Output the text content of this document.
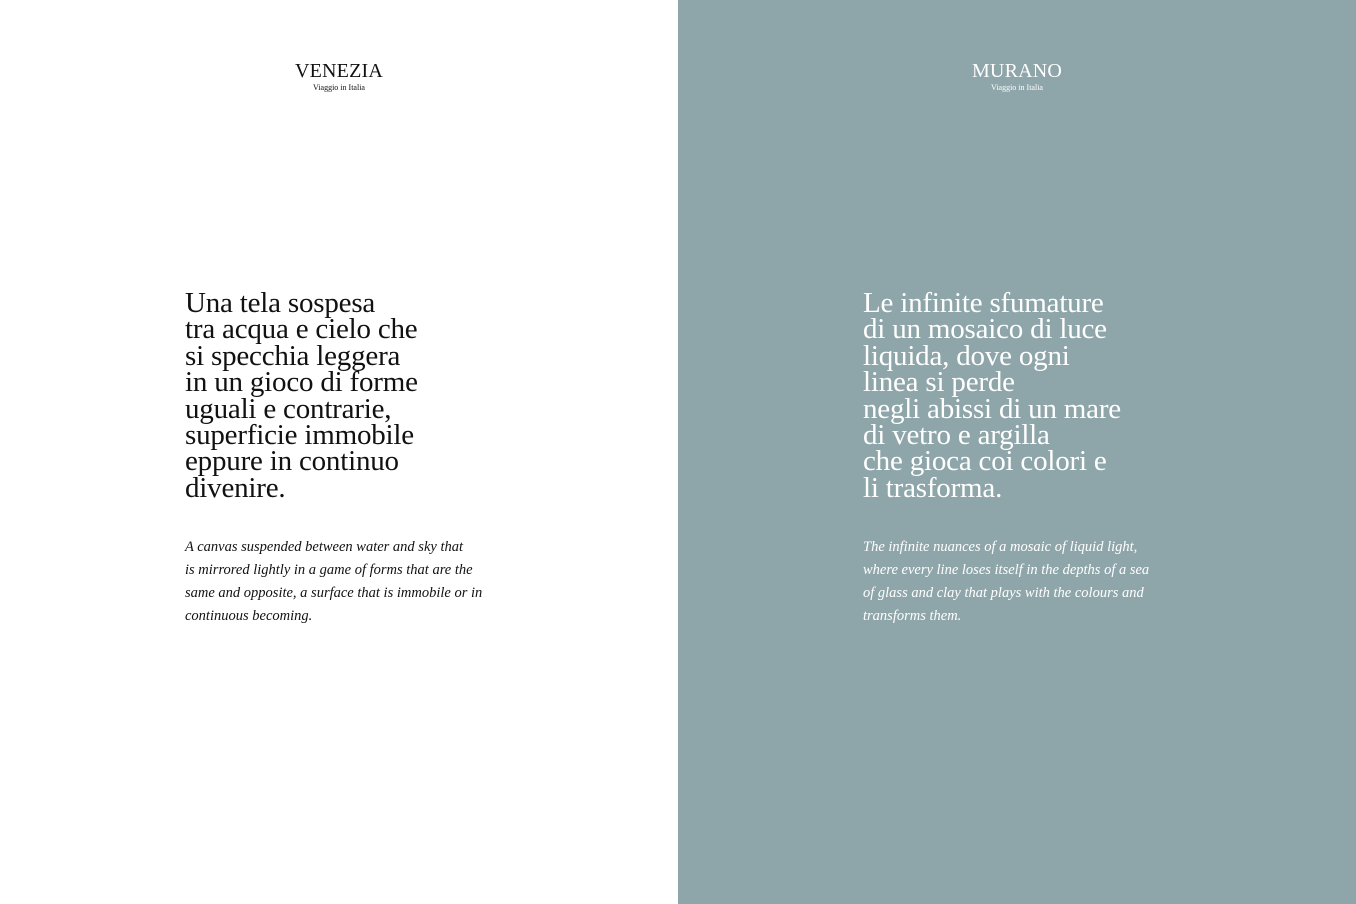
VENEZIA
Viaggio in Italia

Una tela sospesa
tra acqua e cielo che
si specchia leggera
in un gioco di forme
uguali e contrarie,
superficie immobile
eppure in continuo
divenire.

A canvas suspended between water and sky that
is mirrored lightly in a game of forms that are the
same and opposite, a surface that is immobile or in
continuous becoming.

MURANO
Viaggio in Italia

Le infinite sfumature
di un mosaico di luce
liquida, dove ogni
linea si perde
negli abissi di un mare
di vetro e argilla
che gioca coi colori e
li trasforma.

The infinite nuances of a mosaic of liquid light,
where every line loses itself in the depths of a sea
of glass and clay that plays with the colours and
transforms them.
